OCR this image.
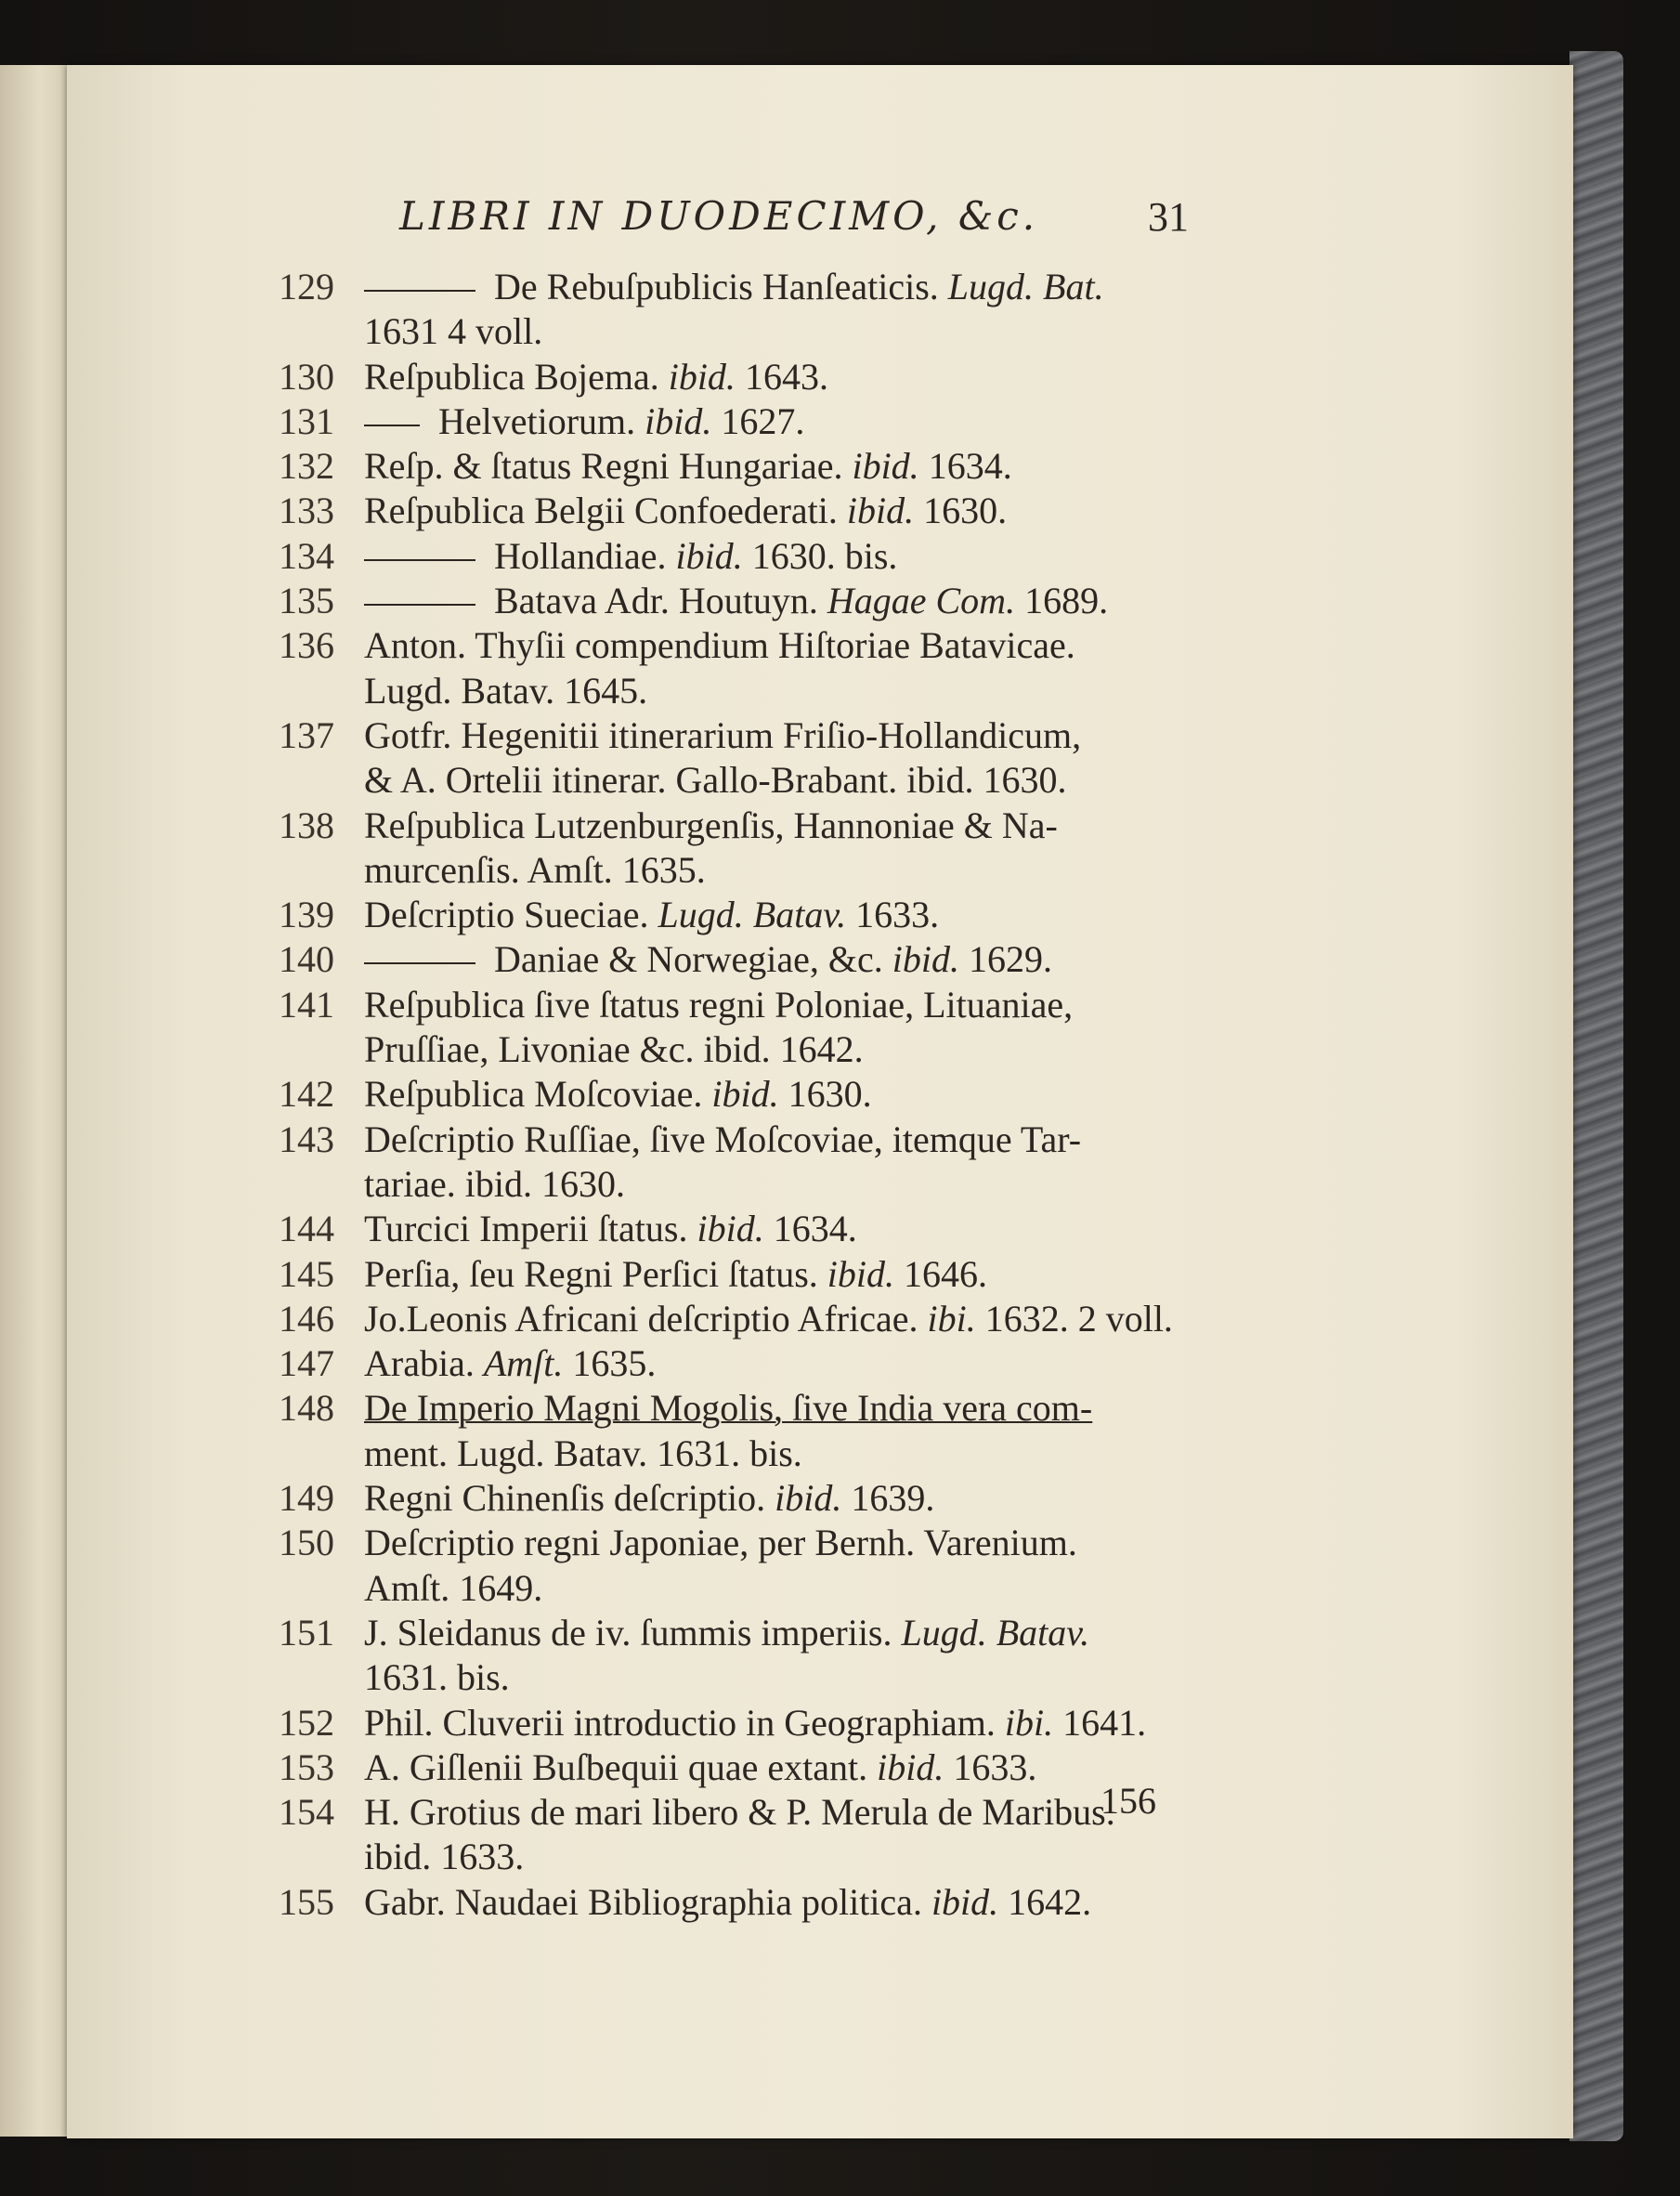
LIBRI IN DUODECIMO, &c.	31
129	De Rebuſpublicis Hanſeaticis. Lugd. Bat.
1631 4 voll.
130 Reſpublica Bojema. ibid. 1643.
131	Helvetiorum. ibid. 1627.
132 Reſp. & ſtatus Regni Hungariae. ibid. 1634.
133 Reſpublica Belgii Confoederati. ibid. 1630.
134	Hollandiae. ibid. 1630. bis.
135	Batava Adr. Houtuyn. Hagae Com. 1689.
136 Anton. Thyſii compendium Hiſtoriae Batavicae.
Lugd. Batav. 1645.
137 Gotfr. Hegenitii itinerarium Friſio-Hollandicum,
& A. Ortelii itinerar. Gallo-Brabant. ibid. 1630.
138 Reſpublica Lutzenburgenſis, Hannoniae & Na-
murcenſis. Amſt. 1635.
139 Deſcriptio Sueciae. Lugd. Batav. 1633.
140	Daniae & Norwegiae, &c. ibid. 1629.
141 Reſpublica ſive ſtatus regni Poloniae, Lituaniae,
Pruſſiae, Livoniae &c. ibid. 1642.
142 Reſpublica Moſcoviae. ibid. 1630.
143 Deſcriptio Ruſſiae, ſive Moſcoviae, itemque Tar-
tariae. ibid. 1630.
144 Turcici Imperii ſtatus. ibid. 1634.
145 Perſia, ſeu Regni Perſici ſtatus. ibid. 1646.
146 Jo.Leonis Africani deſcriptio Africae. ibi. 1632. 2 voll.
147 Arabia. Amſt. 1635.
148 De Imperio Magni Mogolis, ſive India vera com-
ment. Lugd. Batav. 1631. bis.
149 Regni Chinenſis deſcriptio. ibid. 1639.
150 Deſcriptio regni Japoniae, per Bernh. Varenium.
Amſt. 1649.
151 J. Sleidanus de iv. ſummis imperiis. Lugd. Batav.
1631. bis.
152 Phil. Cluverii introductio in Geographiam. ibi. 1641.
153 A. Giſlenii Buſbequii quae extant. ibid. 1633.
154 H. Grotius de mari libero & P. Merula de Maribus.
ibid. 1633.
155 Gabr. Naudaei Bibliographia politica. ibid. 1642.
156
